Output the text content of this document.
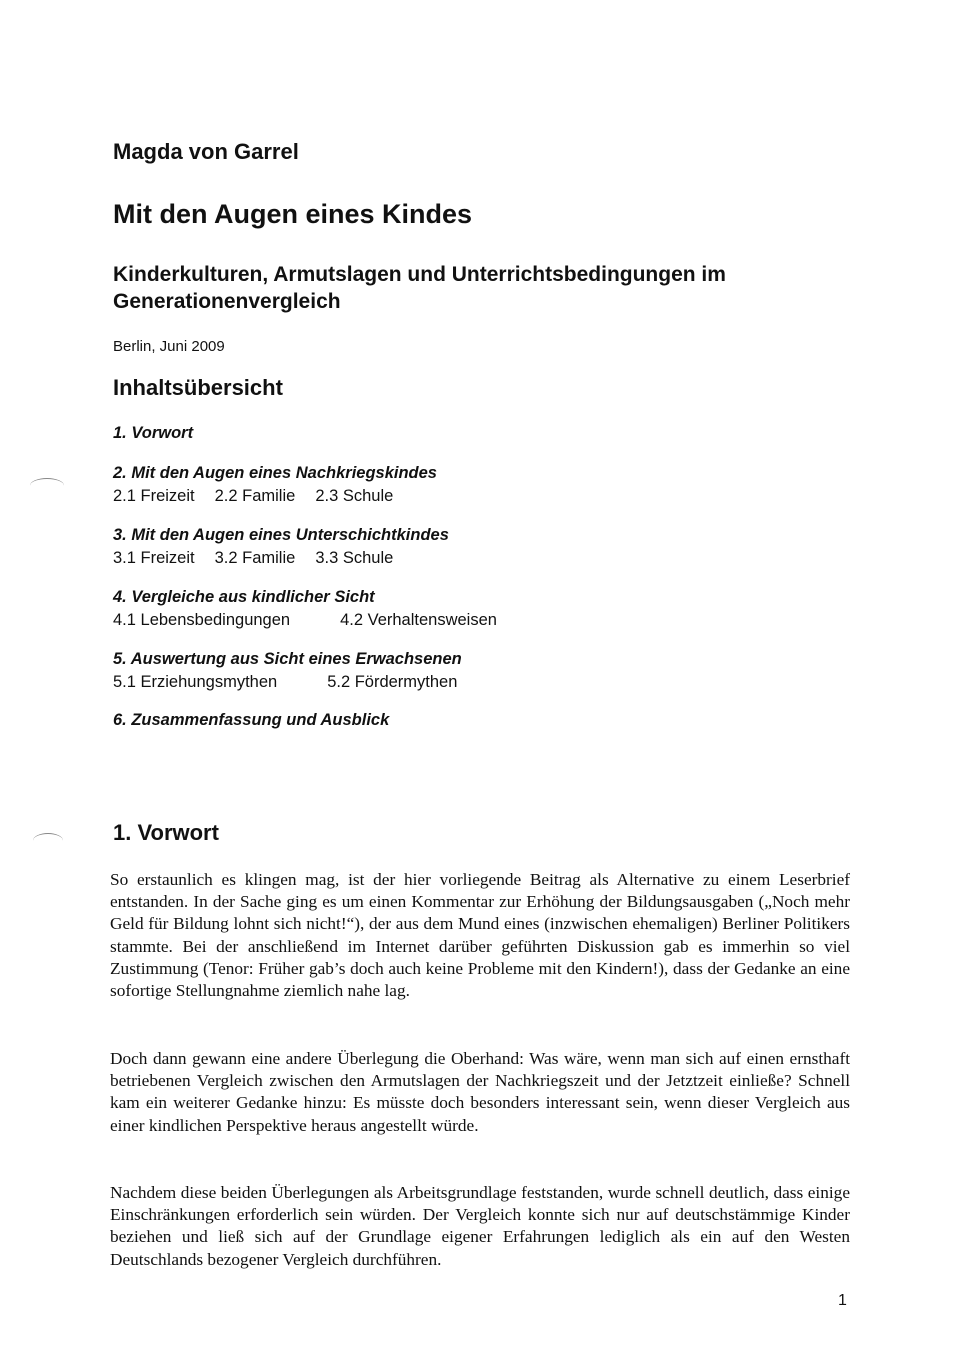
Magda von Garrel
Mit den Augen eines Kindes
Kinderkulturen, Armutslagen und Unterrichtsbedingungen im Generationenvergleich
Berlin, Juni 2009
Inhaltsübersicht
1. Vorwort
2. Mit den Augen eines Nachkriegskindes
2.1 Freizeit 2.2 Familie 2.3 Schule
3. Mit den Augen eines Unterschichtkindes
3.1 Freizeit 3.2 Familie 3.3 Schule
4. Vergleiche aus kindlicher Sicht
4.1 Lebensbedingungen	4.2 Verhaltensweisen
5. Auswertung aus Sicht eines Erwachsenen
5.1 Erziehungsmythen	5.2 Fördermythen
6. Zusammenfassung und Ausblick
1. Vorwort

So erstaunlich es klingen mag, ist der hier vorliegende Beitrag als Alternative zu einem Leserbrief entstanden. In der Sache ging es um einen Kommentar zur Erhöhung der Bildungsausgaben („Noch mehr Geld für Bildung lohnt sich nicht!“), der aus dem Mund eines (inzwischen ehemaligen) Berliner Politikers stammte. Bei der anschließend im Internet darüber geführten Diskussion gab es immerhin so viel Zustimmung (Tenor: Früher gab’s doch auch keine Probleme mit den Kindern!), dass der Gedanke an eine sofortige Stellungnahme ziemlich nahe lag.

Doch dann gewann eine andere Überlegung die Oberhand: Was wäre, wenn man sich auf einen ernsthaft betriebenen Vergleich zwischen den Armutslagen der Nachkriegszeit und der Jetztzeit einließe? Schnell kam ein weiterer Gedanke hinzu: Es müsste doch besonders interessant sein, wenn dieser Vergleich aus einer kindlichen Perspektive heraus angestellt würde.

Nachdem diese beiden Überlegungen als Arbeitsgrundlage feststanden, wurde schnell deutlich, dass einige Einschränkungen erforderlich sein würden. Der Vergleich konnte sich nur auf deutschstämmige Kinder beziehen und ließ sich auf der Grundlage eigener Erfahrungen lediglich als ein auf den Westen Deutschlands bezogener Vergleich durchführen.

1
